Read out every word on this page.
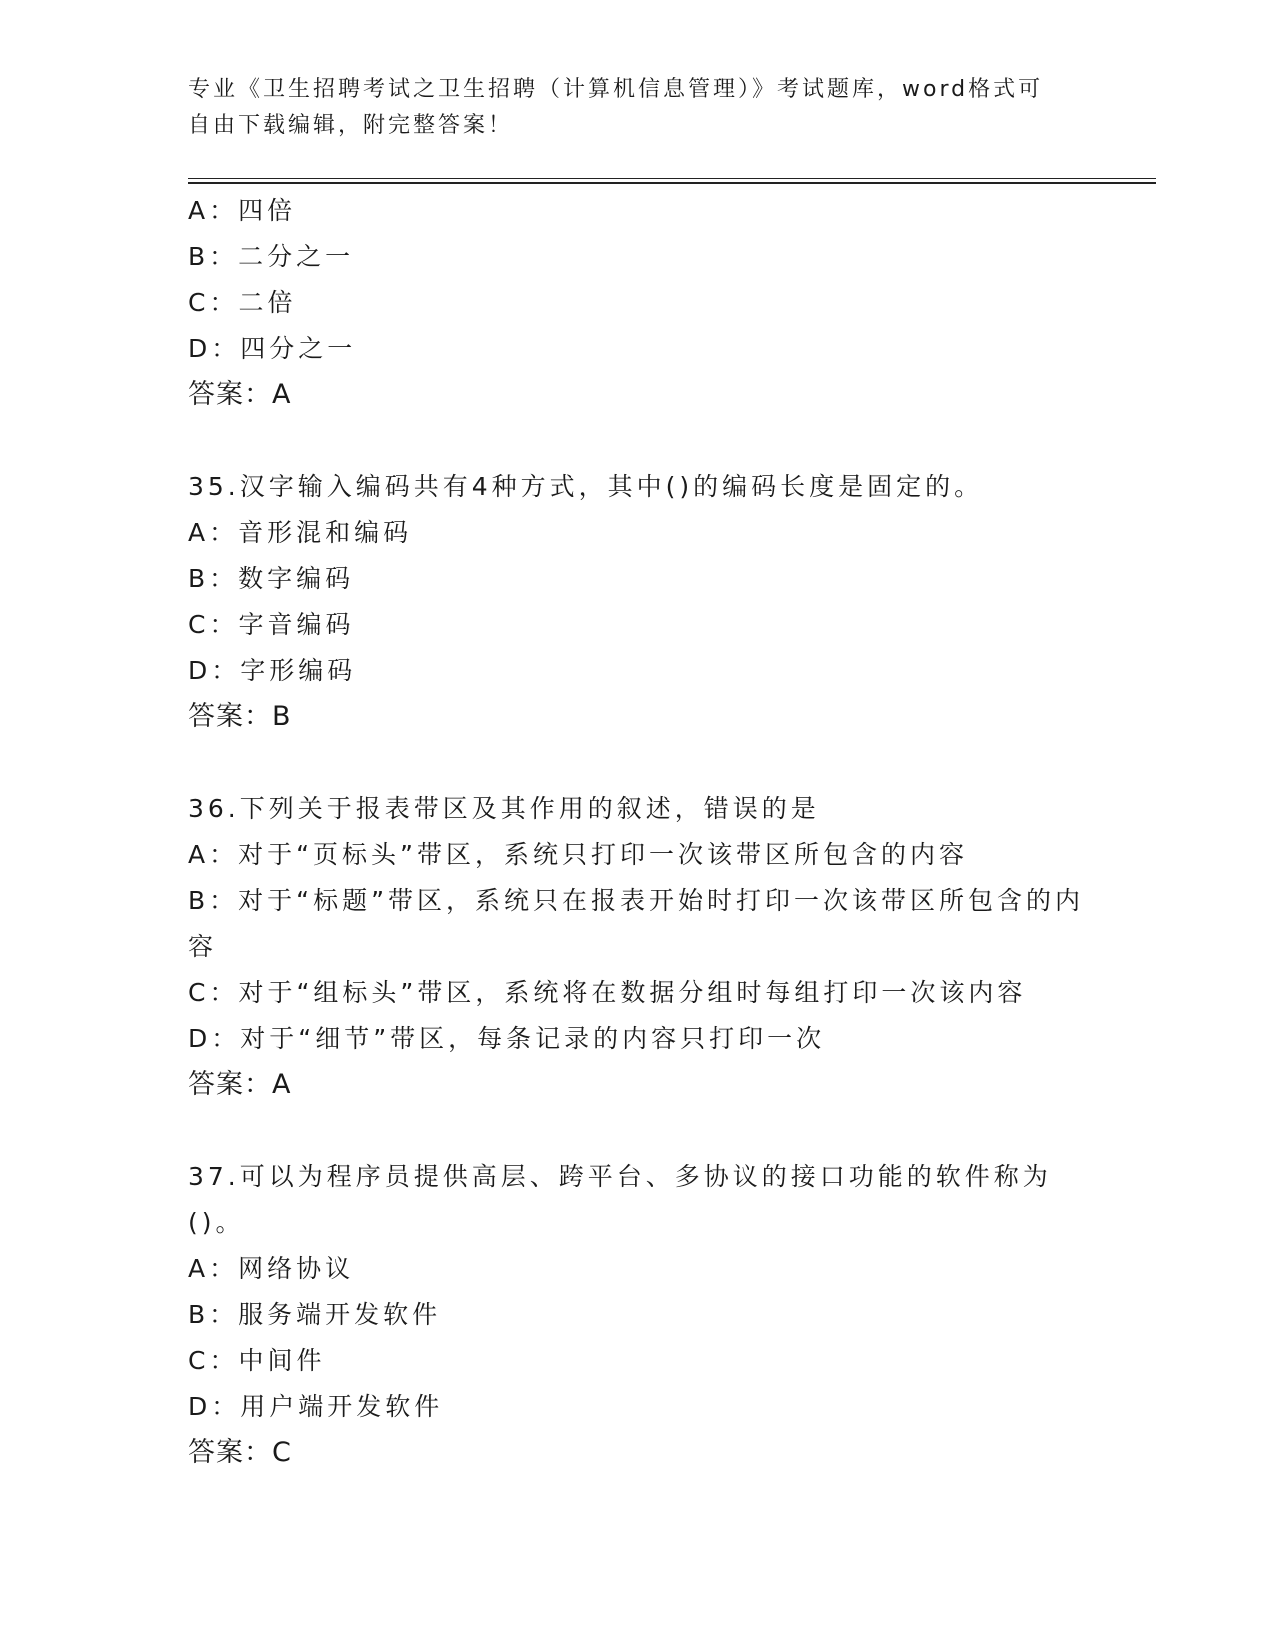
专业《卫生招聘考试之卫生招聘（计算机信息管理）》考试题库，word格式可自由下载编辑，附完整答案！
A：四倍
B：二分之一
C：二倍
D：四分之一
答案：A
35.汉字输入编码共有4种方式，其中()的编码长度是固定的。
A：音形混和编码
B：数字编码
C：字音编码
D：字形编码
答案：B
36.下列关于报表带区及其作用的叙述，错误的是
A：对于“页标头”带区，系统只打印一次该带区所包含的内容
B：对于“标题”带区，系统只在报表开始时打印一次该带区所包含的内容
C：对于“组标头”带区，系统将在数据分组时每组打印一次该内容
D：对于“细节”带区，每条记录的内容只打印一次
答案：A
37.可以为程序员提供高层、跨平台、多协议的接口功能的软件称为()。
A：网络协议
B：服务端开发软件
C：中间件
D：用户端开发软件
答案：C
